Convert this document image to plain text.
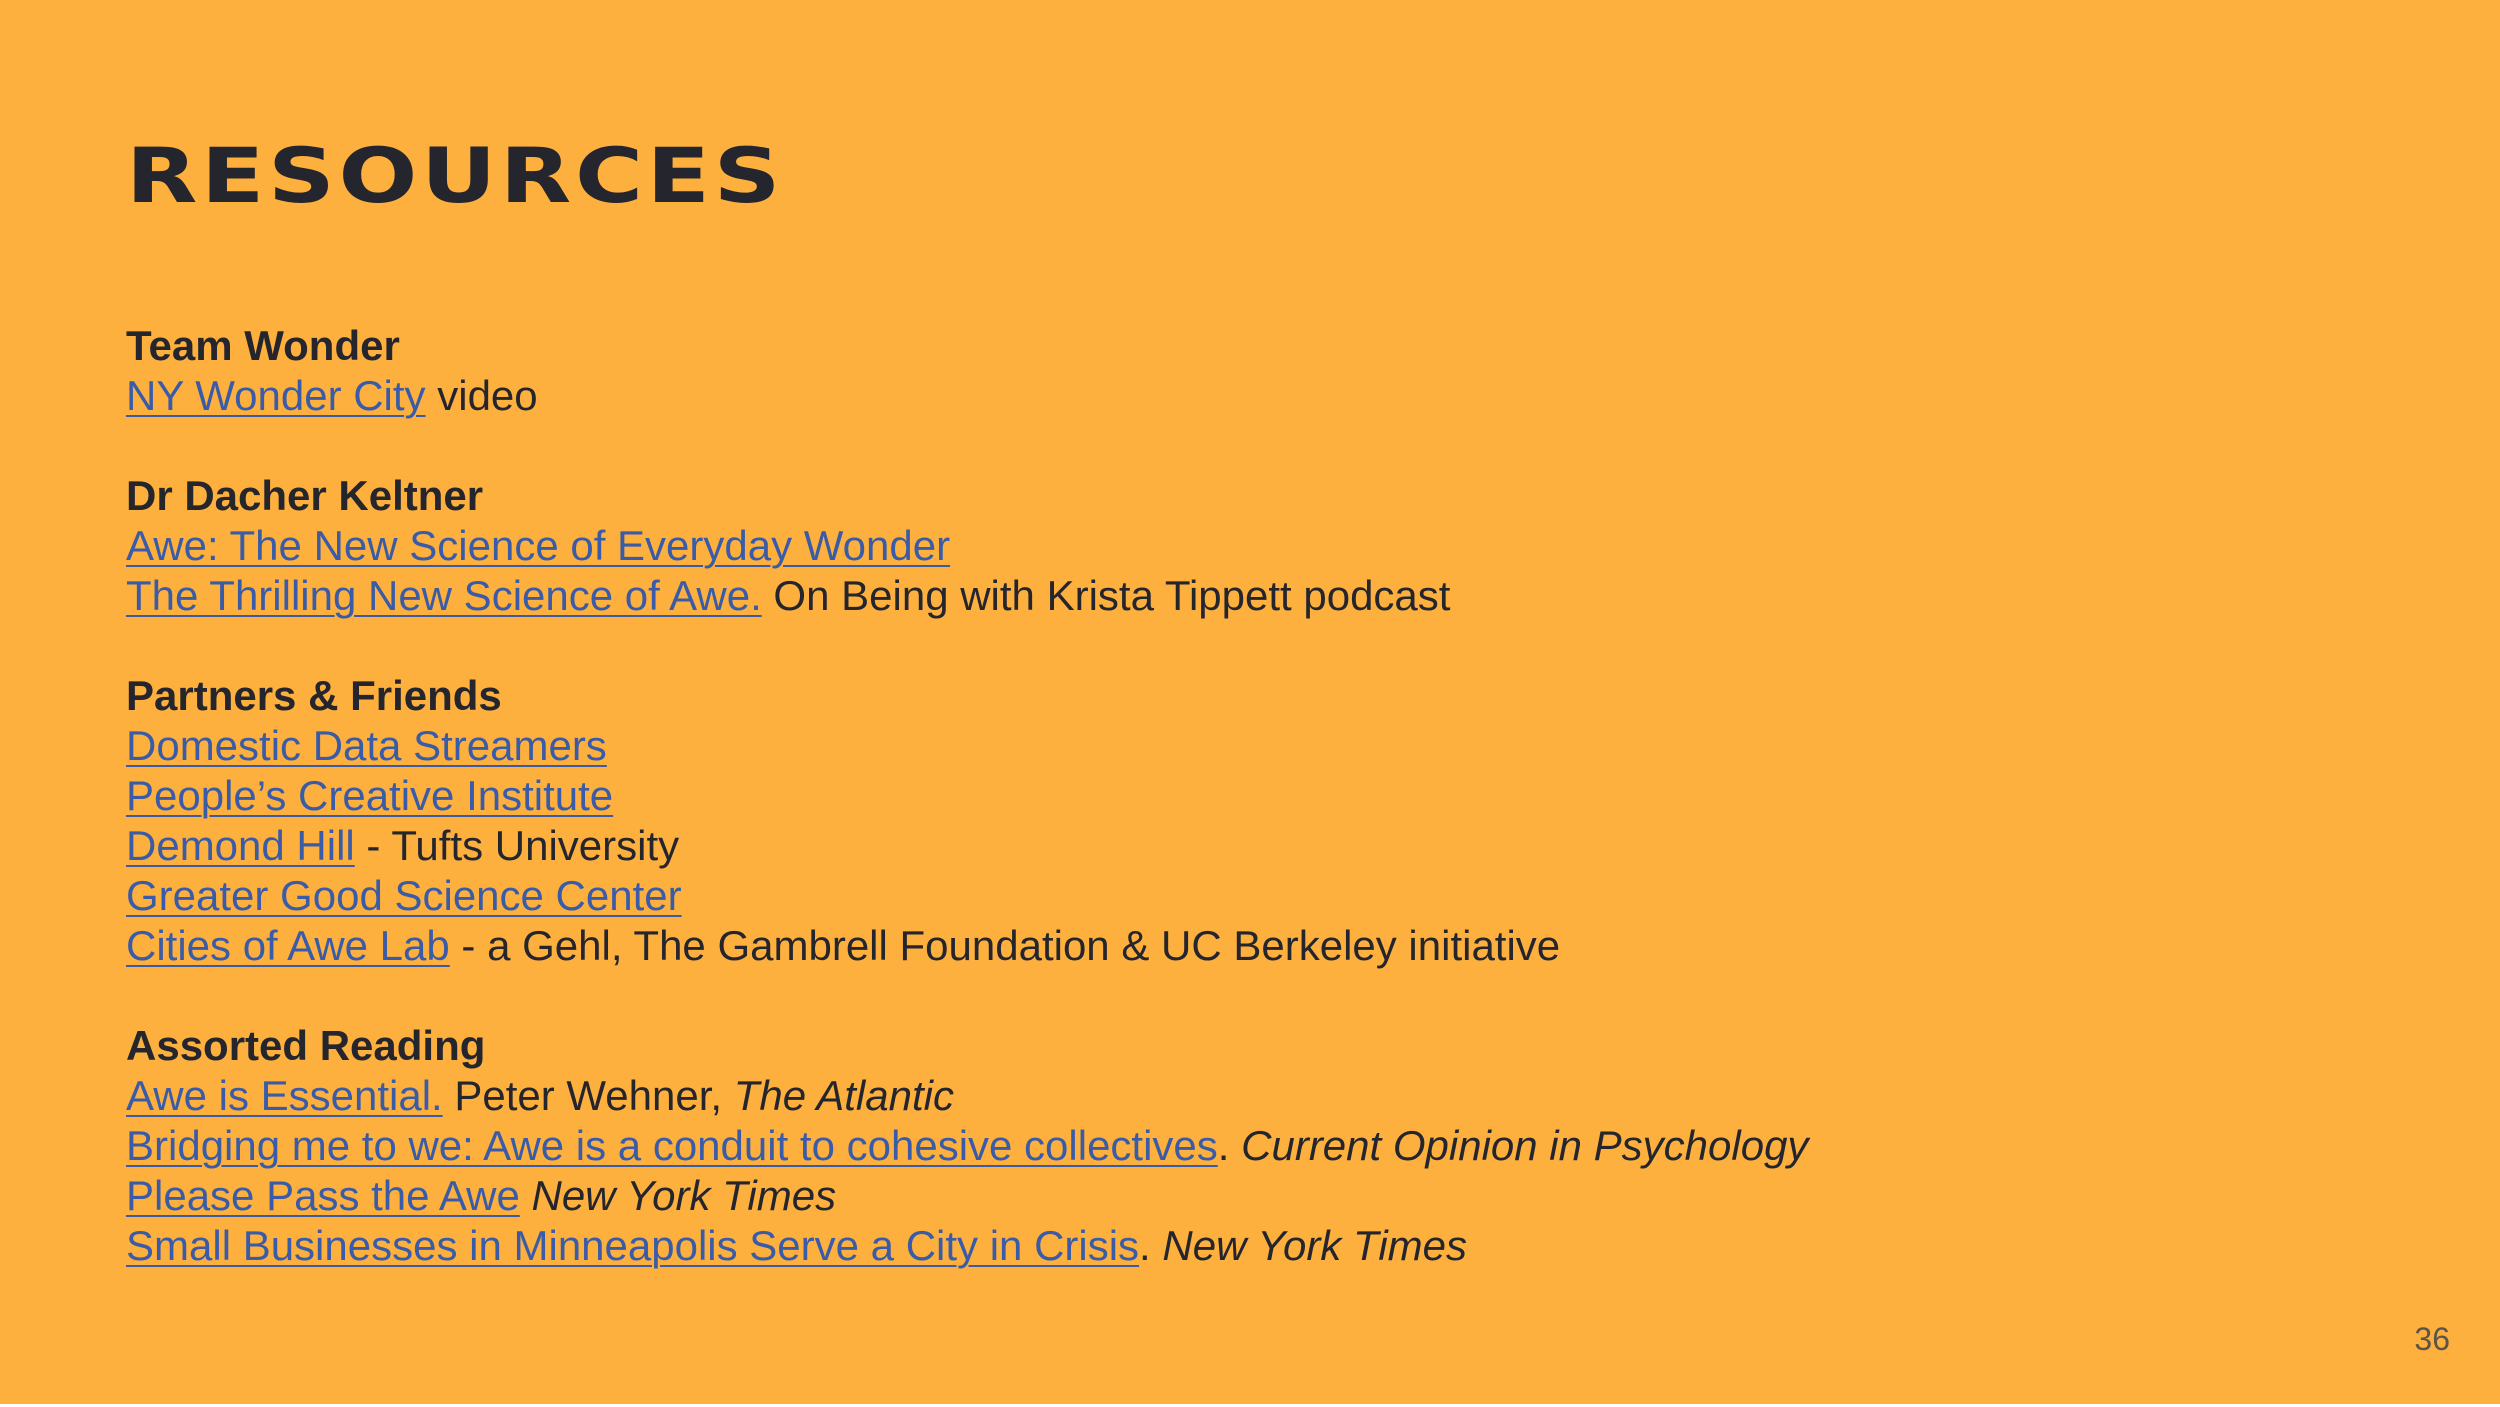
RESOURCES
Team Wonder
NY Wonder City video
Dr Dacher Keltner
Awe: The New Science of Everyday Wonder
The Thrilling New Science of Awe. On Being with Krista Tippett podcast
Partners & Friends
Domestic Data Streamers
People’s Creative Institute
Demond Hill - Tufts University
Greater Good Science Center
Cities of Awe Lab - a Gehl, The Gambrell Foundation & UC Berkeley initiative
Assorted Reading
Awe is Essential. Peter Wehner, The Atlantic
Bridging me to we: Awe is a conduit to cohesive collectives. Current Opinion in Psychology
Please Pass the Awe New York Times
Small Businesses in Minneapolis Serve a City in Crisis. New York Times
36
